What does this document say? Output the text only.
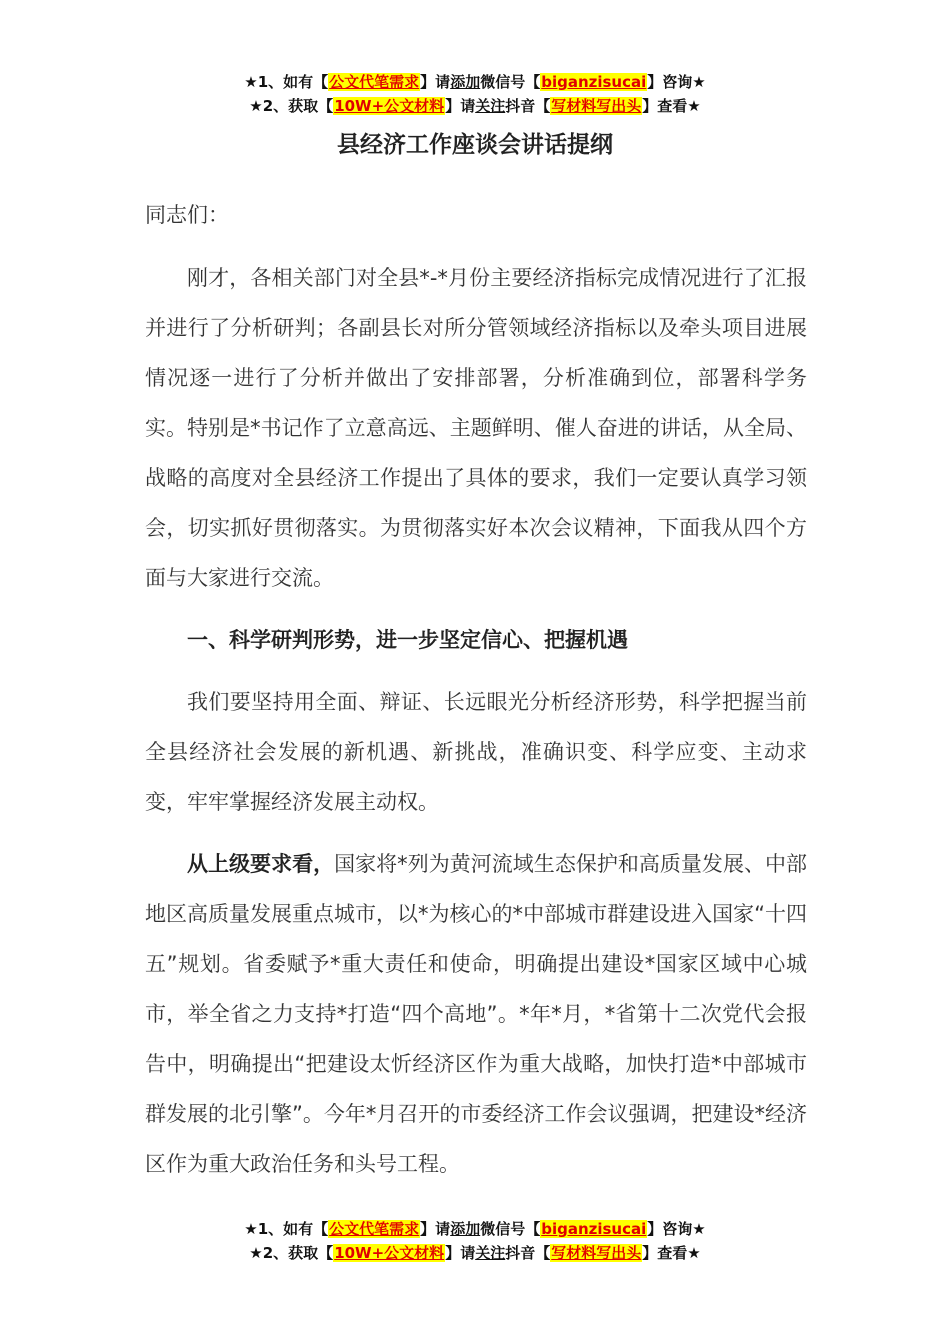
★1、如有【公文代笔需求】请添加微信号【biganzisucai】咨询★
★2、获取【10W+公文材料】请关注抖音【写材料写出头】查看★
县经济工作座谈会讲话提纲

同志们：

刚才，各相关部门对全县*-*月份主要经济指标完成情况进行了汇报并进行了分析研判；各副县长对所分管领域经济指标以及牵头项目进展情况逐一进行了分析并做出了安排部署，分析准确到位，部署科学务实。特别是*书记作了立意高远、主题鲜明、催人奋进的讲话，从全局、战略的高度对全县经济工作提出了具体的要求，我们一定要认真学习领会，切实抓好贯彻落实。为贯彻落实好本次会议精神，下面我从四个方面与大家进行交流。

一、科学研判形势，进一步坚定信心、把握机遇

我们要坚持用全面、辩证、长远眼光分析经济形势，科学把握当前全县经济社会发展的新机遇、新挑战，准确识变、科学应变、主动求变，牢牢掌握经济发展主动权。

从上级要求看，国家将*列为黄河流域生态保护和高质量发展、中部地区高质量发展重点城市，以*为核心的*中部城市群建设进入国家“十四五”规划。省委赋予*重大责任和使命，明确提出建设*国家区域中心城市，举全省之力支持*打造“四个高地”。*年*月，*省第十二次党代会报告中，明确提出“把建设太忻经济区作为重大战略，加快打造*中部城市群发展的北引擎”。今年*月召开的市委经济工作会议强调，把建设*经济区作为重大政治任务和头号工程。

★1、如有【公文代笔需求】请添加微信号【biganzisucai】咨询★
★2、获取【10W+公文材料】请关注抖音【写材料写出头】查看★
